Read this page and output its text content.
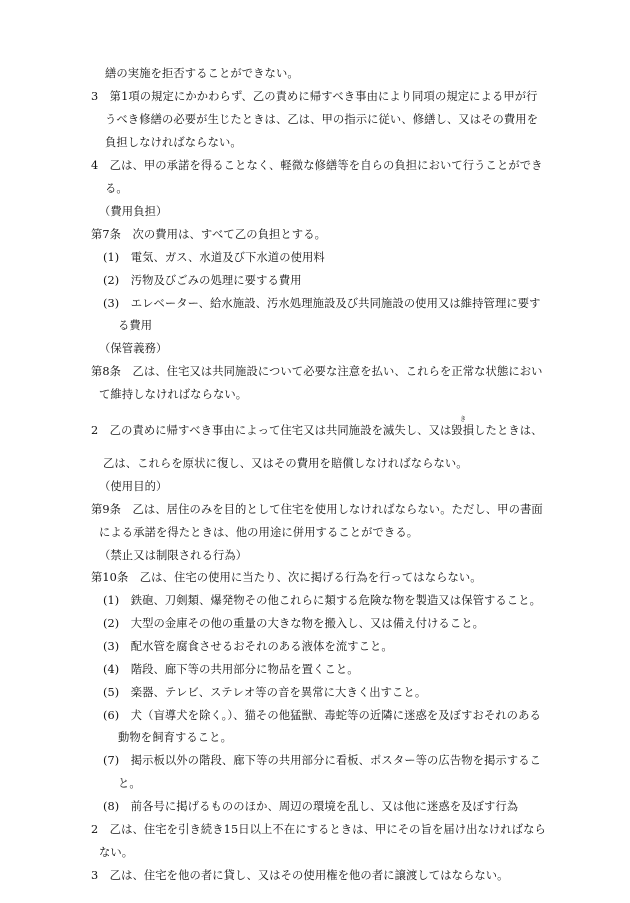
繕の実施を拒否することができない。
3　第1項の規定にかかわらず、乙の責めに帰すべき事由により同項の規定による甲が行
うべき修繕の必要が生じたときは、乙は、甲の指示に従い、修繕し、又はその費用を
負担しなければならない。
4　乙は、甲の承諾を得ることなく、軽微な修繕等を自らの負担において行うことができ
る。
（費用負担）
第7条　次の費用は、すべて乙の負担とする。
(1)　電気、ガス、水道及び下水道の使用料
(2)　汚物及びごみの処理に要する費用
(3)　エレベーター、給水施設、汚水処理施設及び共同施設の使用又は維持管理に要す
る費用
（保管義務）
第8条　乙は、住宅又は共同施設について必要な注意を払い、これらを正常な状態におい
て維持しなければならない。
き
2　乙の責めに帰すべき事由によって住宅又は共同施設を滅失し、又は毀損したときは、
乙は、これらを原状に復し、又はその費用を賠償しなければならない。
（使用目的）
第9条　乙は、居住のみを目的として住宅を使用しなければならない。ただし、甲の書面
による承諾を得たときは、他の用途に併用することができる。
（禁止又は制限される行為）
第10条　乙は、住宅の使用に当たり、次に掲げる行為を行ってはならない。
(1)　鉄砲、刀剣類、爆発物その他これらに類する危険な物を製造又は保管すること。
(2)　大型の金庫その他の重量の大きな物を搬入し、又は備え付けること。
(3)　配水管を腐食させるおそれのある液体を流すこと。
(4)　階段、廊下等の共用部分に物品を置くこと。
(5)　楽器、テレビ、ステレオ等の音を異常に大きく出すこと。
(6)　犬（盲導犬を除く。）、猫その他猛獣、毒蛇等の近隣に迷惑を及ぼすおそれのある
動物を飼育すること。
(7)　掲示板以外の階段、廊下等の共用部分に看板、ポスター等の広告物を掲示するこ
と。
(8)　前各号に掲げるもののほか、周辺の環境を乱し、又は他に迷惑を及ぼす行為
2　乙は、住宅を引き続き15日以上不在にするときは、甲にその旨を届け出なければなら
ない。
3　乙は、住宅を他の者に貸し、又はその使用権を他の者に譲渡してはならない。
